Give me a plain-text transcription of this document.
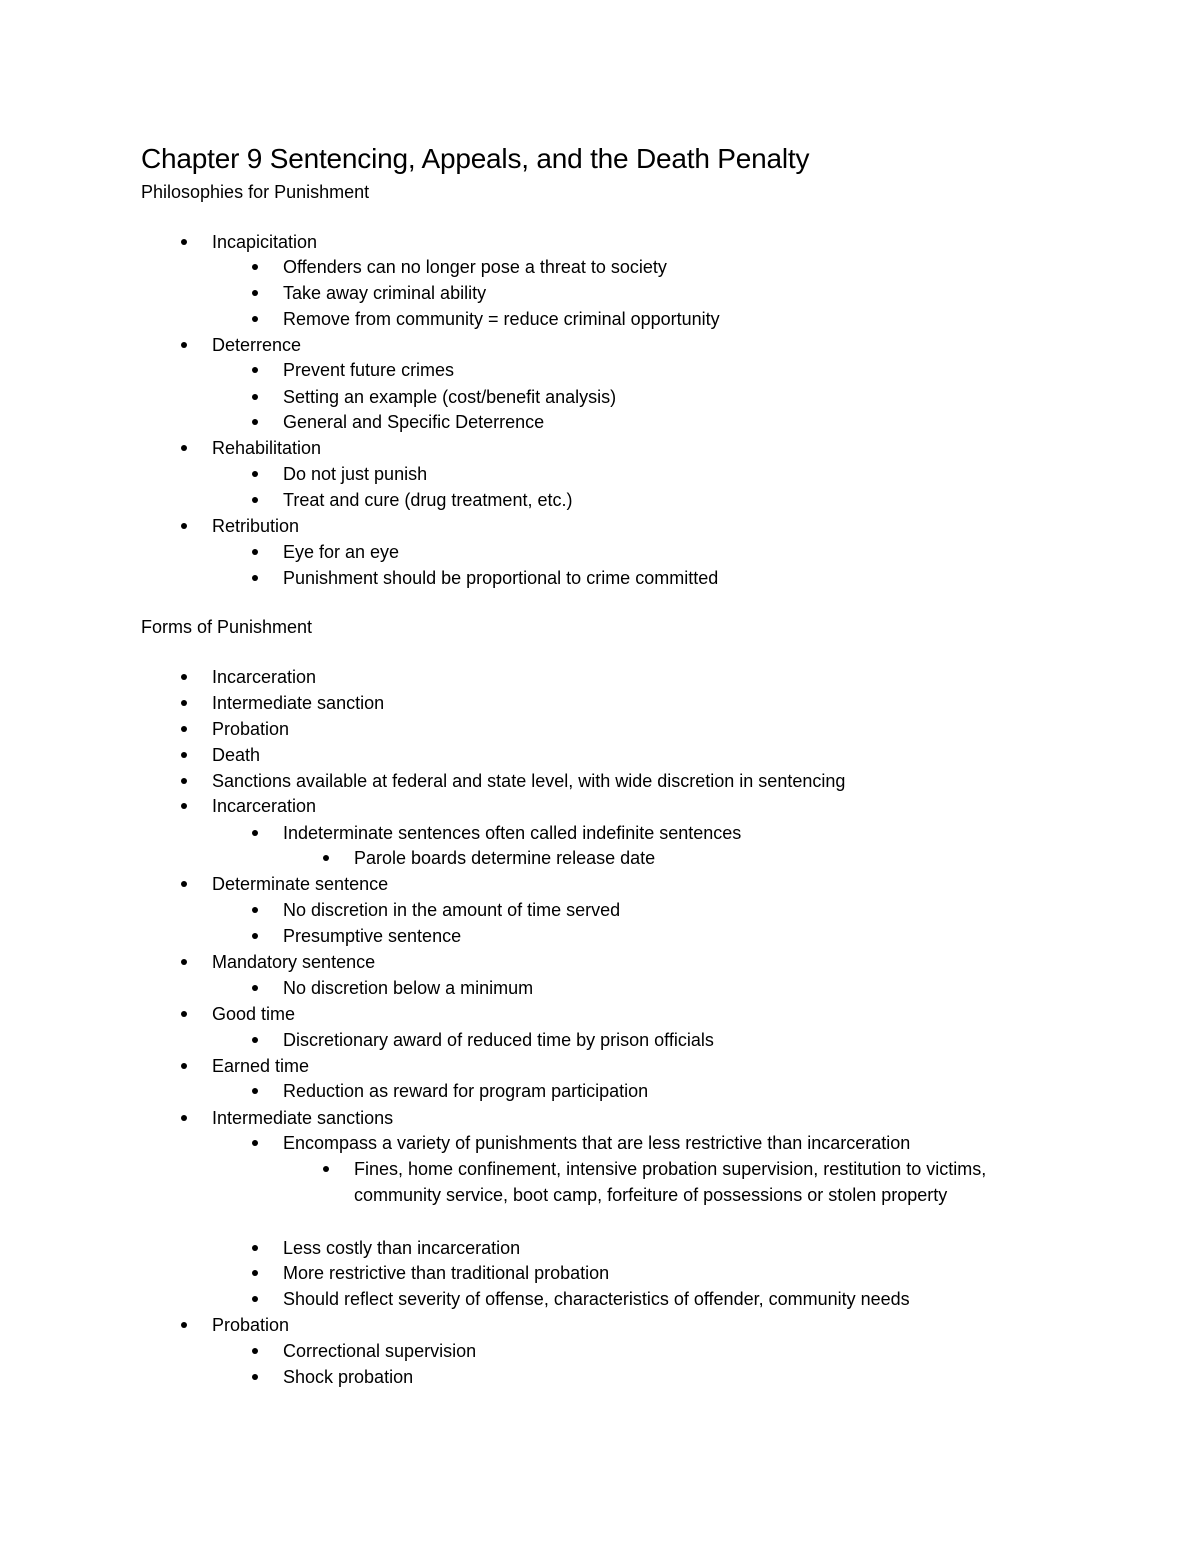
Chapter 9 Sentencing, Appeals, and the Death Penalty
Philosophies for Punishment
Incapicitation
Offenders can no longer pose a threat to society
Take away criminal ability
Remove from community = reduce criminal opportunity
Deterrence
Prevent future crimes
Setting an example (cost/benefit analysis)
General and Specific Deterrence
Rehabilitation
Do not just punish
Treat and cure (drug treatment, etc.)
Retribution
Eye for an eye
Punishment should be proportional to crime committed
Forms of Punishment
Incarceration
Intermediate sanction
Probation
Death
Sanctions available at federal and state level, with wide discretion in sentencing
Incarceration
Indeterminate sentences often called indefinite sentences
Parole boards determine release date
Determinate sentence
No discretion in the amount of time served
Presumptive sentence
Mandatory sentence
No discretion below a minimum
Good time
Discretionary award of reduced time by prison officials
Earned time
Reduction as reward for program participation
Intermediate sanctions
Encompass a variety of punishments that are less restrictive than incarceration
Fines, home confinement, intensive probation supervision, restitution to victims, community service, boot camp, forfeiture of possessions or stolen property
Less costly than incarceration
More restrictive than traditional probation
Should reflect severity of offense, characteristics of offender, community needs
Probation
Correctional supervision
Shock probation
